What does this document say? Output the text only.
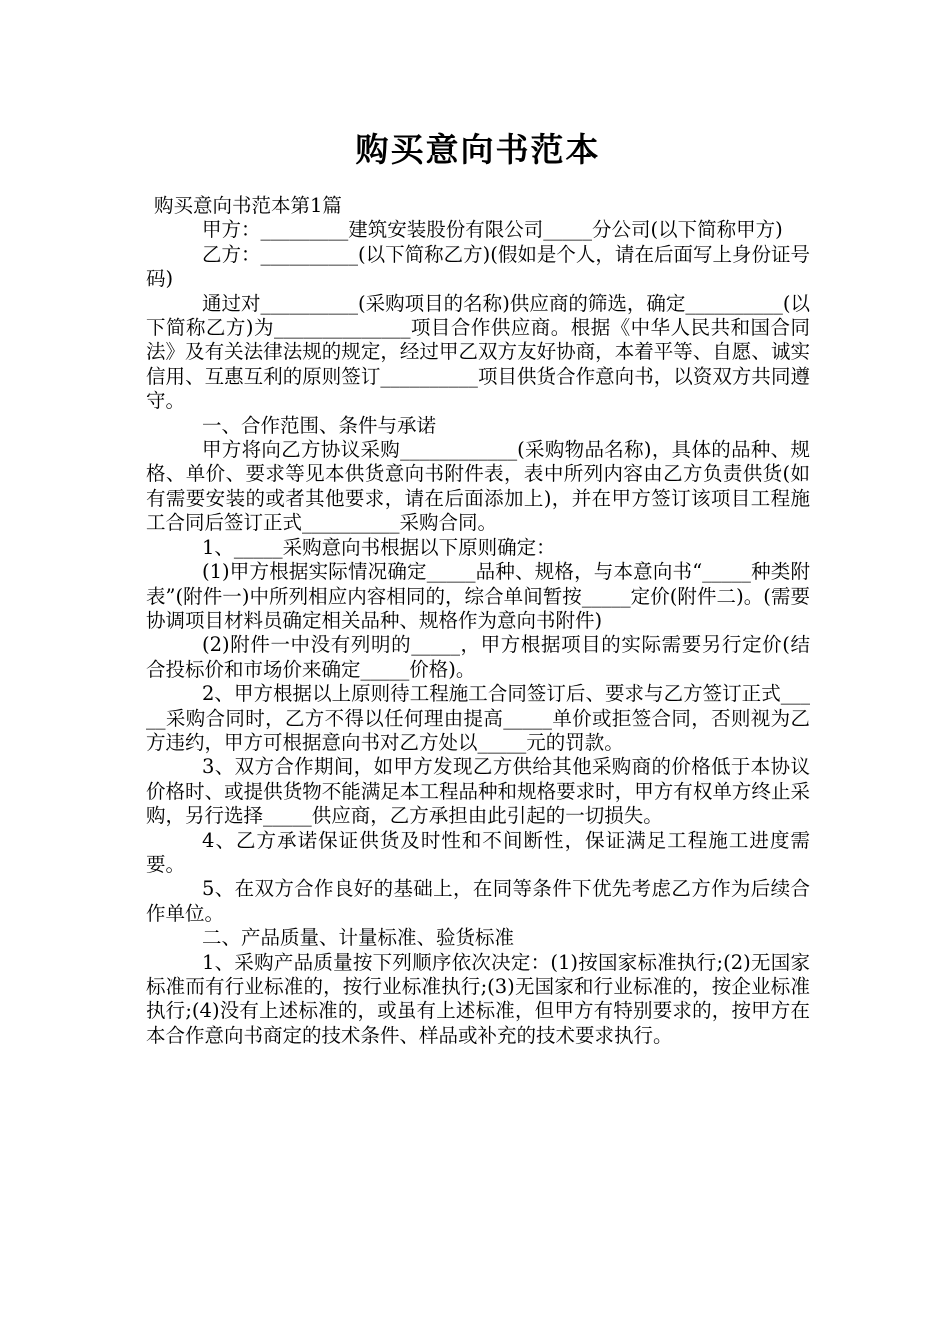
购买意向书范本

购买意向书范本第1篇

甲方：_________建筑安装股份有限公司_____分公司(以下简称甲方)

乙方：__________(以下简称乙方)(假如是个人，请在后面写上身份证号码)

通过对__________(采购项目的名称)供应商的筛选，确定__________(以下简称乙方)为______________项目合作供应商。根据《中华人民共和国合同法》及有关法律法规的规定，经过甲乙双方友好协商，本着平等、自愿、诚实信用、互惠互利的原则签订__________项目供货合作意向书，以资双方共同遵守。

一、合作范围、条件与承诺

甲方将向乙方协议采购____________(采购物品名称)，具体的品种、规格、单价、要求等见本供货意向书附件表，表中所列内容由乙方负责供货(如有需要安装的或者其他要求，请在后面添加上)，并在甲方签订该项目工程施工合同后签订正式__________采购合同。

1、_____采购意向书根据以下原则确定：

(1)甲方根据实际情况确定_____品种、规格，与本意向书“_____种类附表”(附件一)中所列相应内容相同的，综合单间暂按_____定价(附件二)。(需要协调项目材料员确定相关品种、规格作为意向书附件)

(2)附件一中没有列明的_____，甲方根据项目的实际需要另行定价(结合投标价和市场价来确定_____价格)。

2、甲方根据以上原则待工程施工合同签订后、要求与乙方签订正式_____采购合同时，乙方不得以任何理由提高_____单价或拒签合同，否则视为乙方违约，甲方可根据意向书对乙方处以_____元的罚款。

3、双方合作期间，如甲方发现乙方供给其他采购商的价格低于本协议价格时、或提供货物不能满足本工程品种和规格要求时，甲方有权单方终止采购，另行选择_____供应商，乙方承担由此引起的一切损失。

4、乙方承诺保证供货及时性和不间断性，保证满足工程施工进度需要。

5、在双方合作良好的基础上，在同等条件下优先考虑乙方作为后续合作单位。

二、产品质量、计量标准、验货标准

1、采购产品质量按下列顺序依次决定：(1)按国家标准执行;(2)无国家标准而有行业标准的，按行业标准执行;(3)无国家和行业标准的，按企业标准执行;(4)没有上述标准的，或虽有上述标准，但甲方有特别要求的，按甲方在本合作意向书商定的技术条件、样品或补充的技术要求执行。
